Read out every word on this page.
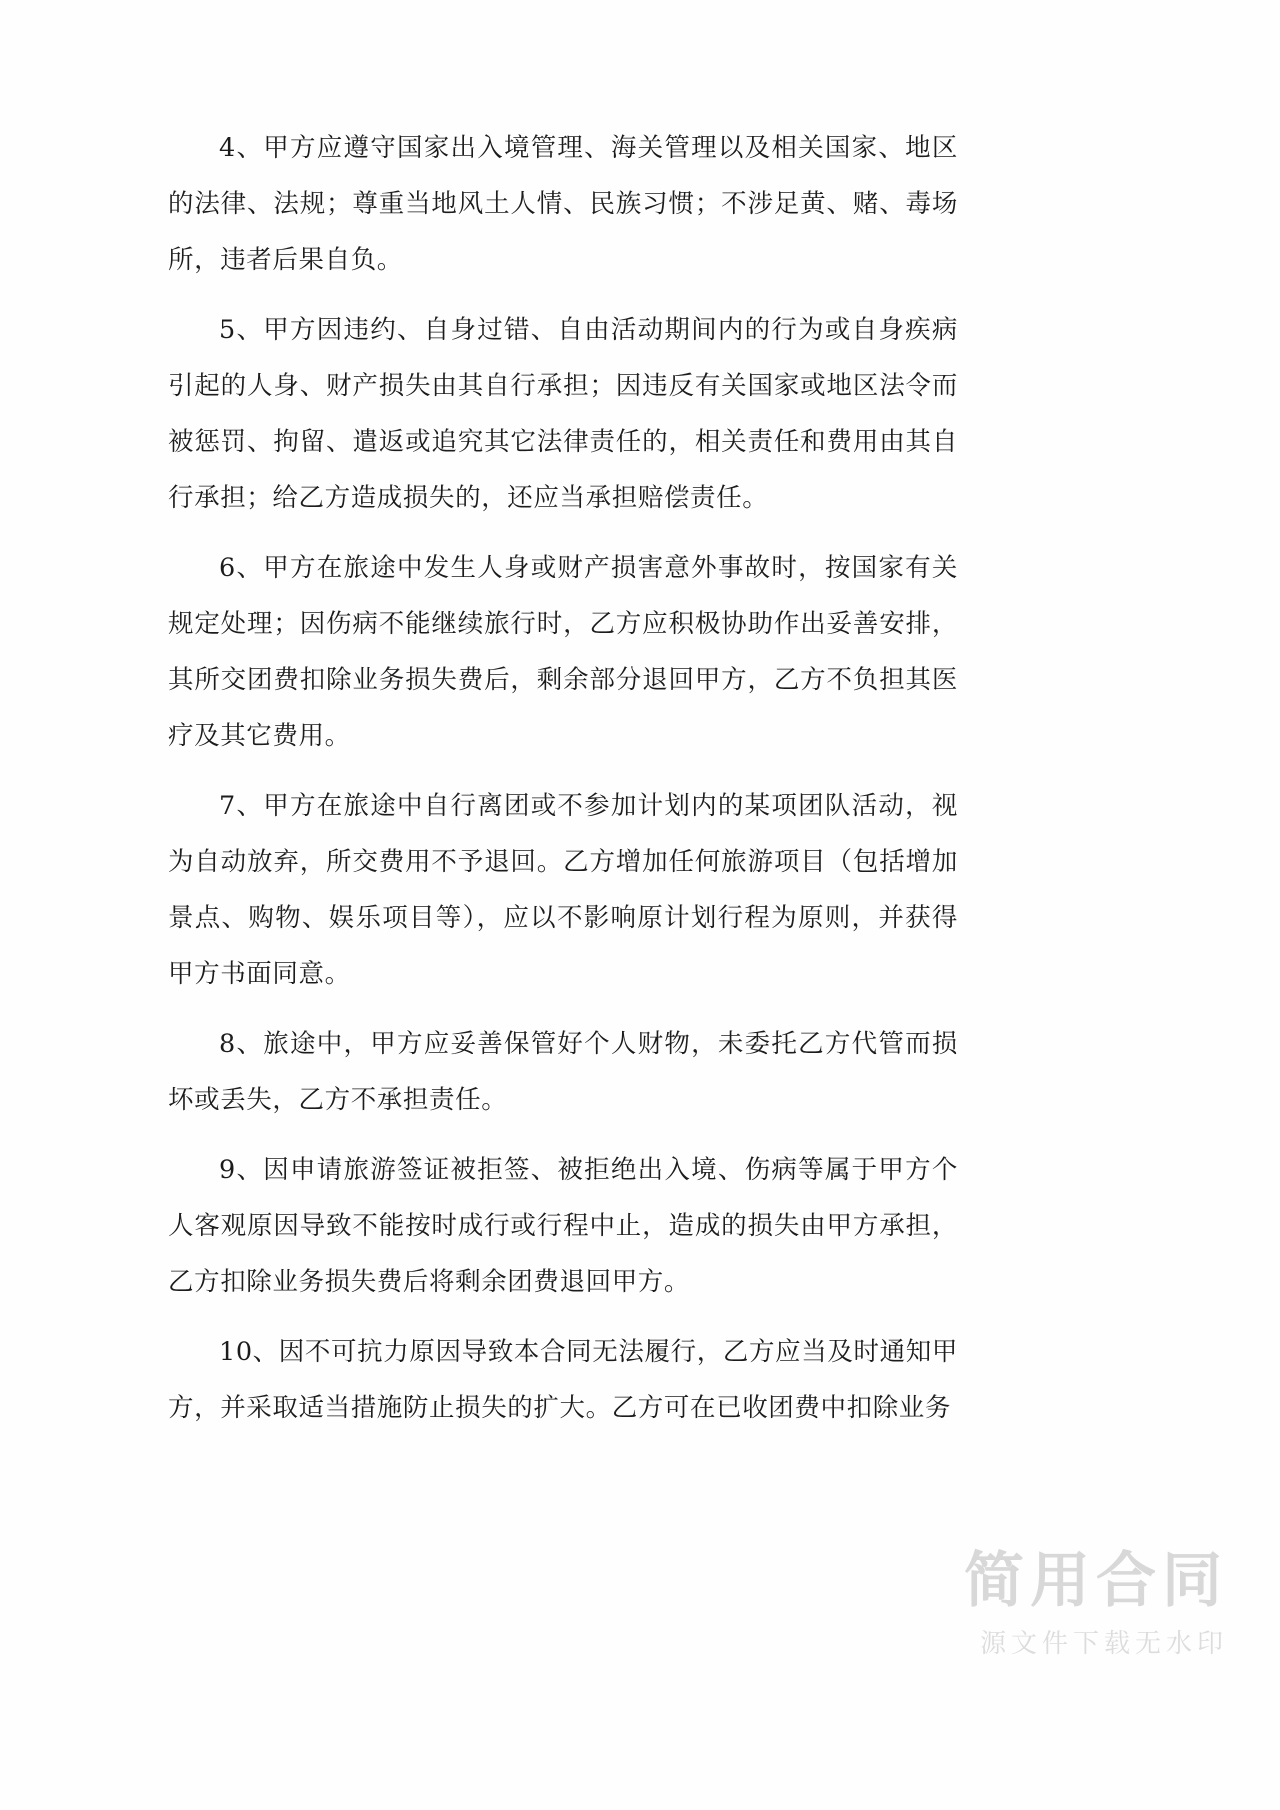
4、甲方应遵守国家出入境管理、海关管理以及相关国家、地区的法律、法规；尊重当地风土人情、民族习惯；不涉足黄、赌、毒场所，违者后果自负。

5、甲方因违约、自身过错、自由活动期间内的行为或自身疾病引起的人身、财产损失由其自行承担；因违反有关国家或地区法令而被惩罚、拘留、遣返或追究其它法律责任的，相关责任和费用由其自行承担；给乙方造成损失的，还应当承担赔偿责任。

6、甲方在旅途中发生人身或财产损害意外事故时，按国家有关规定处理；因伤病不能继续旅行时，乙方应积极协助作出妥善安排，其所交团费扣除业务损失费后，剩余部分退回甲方，乙方不负担其医疗及其它费用。

7、甲方在旅途中自行离团或不参加计划内的某项团队活动，视为自动放弃，所交费用不予退回。乙方增加任何旅游项目（包括增加景点、购物、娱乐项目等），应以不影响原计划行程为原则，并获得甲方书面同意。

8、旅途中，甲方应妥善保管好个人财物，未委托乙方代管而损坏或丢失，乙方不承担责任。

9、因申请旅游签证被拒签、被拒绝出入境、伤病等属于甲方个人客观原因导致不能按时成行或行程中止，造成的损失由甲方承担，乙方扣除业务损失费后将剩余团费退回甲方。

10、因不可抗力原因导致本合同无法履行，乙方应当及时通知甲方，并采取适当措施防止损失的扩大。乙方可在已收团费中扣除业务

简用合同
源文件下载无水印
